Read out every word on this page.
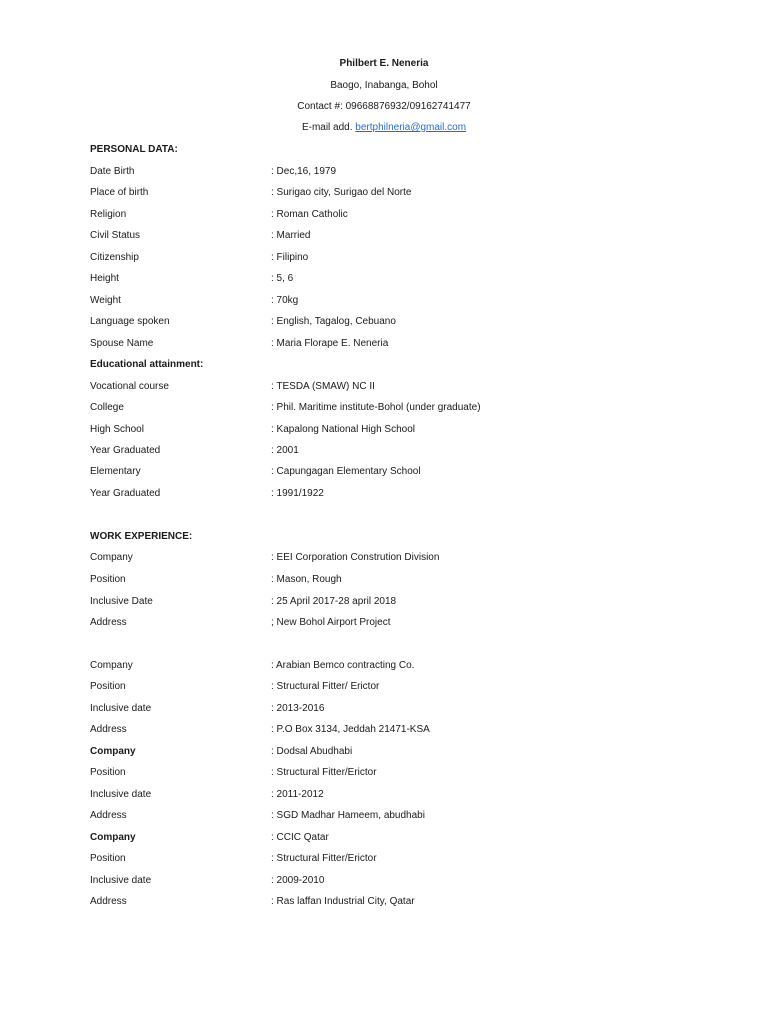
Philbert E. Neneria
Baogo, Inabanga, Bohol
Contact #: 09668876932/09162741477
E-mail add. bertphilneria@gmail.com
PERSONAL DATA:
Date Birth	: Dec,16, 1979
Place of birth	: Surigao city, Surigao del Norte
Religion	: Roman Catholic
Civil Status	: Married
Citizenship	: Filipino
Height	: 5, 6
Weight	: 70kg
Language spoken	: English, Tagalog, Cebuano
Spouse Name	: Maria Florape E. Neneria
Educational attainment:
Vocational course	: TESDA (SMAW) NC II
College	: Phil. Maritime institute-Bohol (under graduate)
High School	: Kapalong National High School
Year Graduated	: 2001
Elementary	: Capungagan Elementary School
Year Graduated	: 1991/1922
WORK EXPERIENCE:
Company	: EEI Corporation Constrution Division
Position	: Mason, Rough
Inclusive Date	: 25 April 2017-28 april 2018
Address	; New Bohol Airport Project
Company	: Arabian Bemco contracting Co.
Position	: Structural Fitter/ Erictor
Inclusive date	: 2013-2016
Address	: P.O Box 3134, Jeddah 21471-KSA
Company	: Dodsal Abudhabi
Position	: Structural Fitter/Erictor
Inclusive date	: 2011-2012
Address	: SGD Madhar Hameem, abudhabi
Company	: CCIC Qatar
Position	: Structural Fitter/Erictor
Inclusive date	: 2009-2010
Address	: Ras laffan Industrial City, Qatar
